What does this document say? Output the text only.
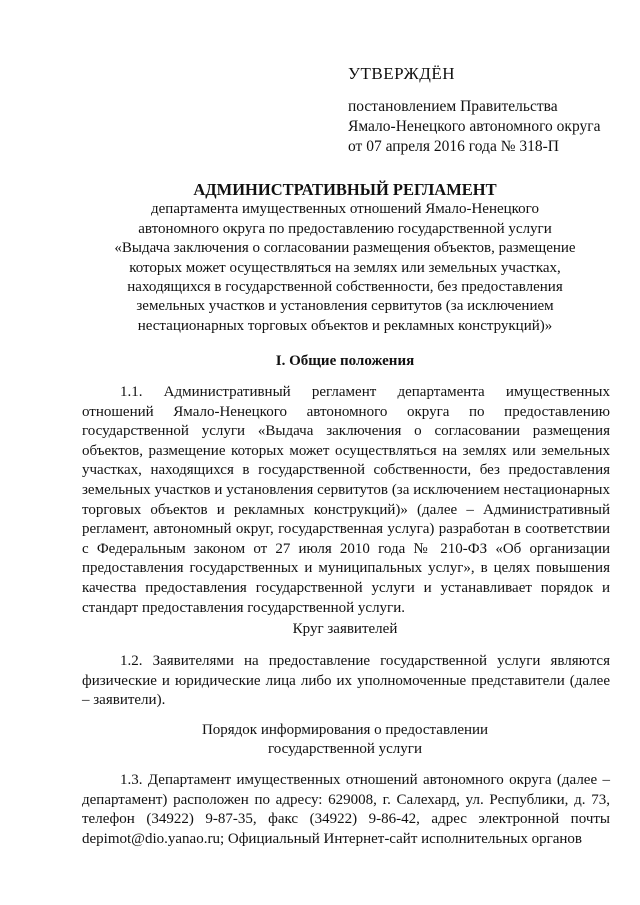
УТВЕРЖДЁН
постановлением Правительства
Ямало-Ненецкого автономного округа
от 07 апреля 2016 года № 318-П
АДМИНИСТРАТИВНЫЙ РЕГЛАМЕНТ
департамента имущественных отношений Ямало-Ненецкого
автономного округа по предоставлению государственной услуги
«Выдача заключения о согласовании размещения объектов, размещение
которых может осуществляться на землях или земельных участках,
находящихся в государственной собственности, без предоставления
земельных участков и установления сервитутов (за исключением
нестационарных торговых объектов и рекламных конструкций)»
I. Общие положения
1.1. Административный регламент департамента имущественных отношений Ямало-Ненецкого автономного округа по предоставлению государственной услуги «Выдача заключения о согласовании размещения объектов, размещение которых может осуществляться на землях или земельных участках, находящихся в государственной собственности, без предоставления земельных участков и установления сервитутов (за исключением нестационарных торговых объектов и рекламных конструкций)» (далее – Административный регламент, автономный округ, государственная услуга) разработан в соответствии с Федеральным законом от 27 июля 2010 года № 210-ФЗ «Об организации предоставления государственных и муниципальных услуг», в целях повышения качества предоставления государственной услуги и устанавливает порядок и стандарт предоставления государственной услуги.
Круг заявителей
1.2. Заявителями на предоставление государственной услуги являются физические и юридические лица либо их уполномоченные представители (далее – заявители).
Порядок информирования о предоставлении
государственной услуги
1.3. Департамент имущественных отношений автономного округа (далее – департамент) расположен по адресу: 629008, г. Салехард, ул. Республики, д. 73, телефон (34922) 9-87-35, факс (34922) 9-86-42, адрес электронной почты depimot@dio.yanao.ru; Официальный Интернет-сайт исполнительных органов
